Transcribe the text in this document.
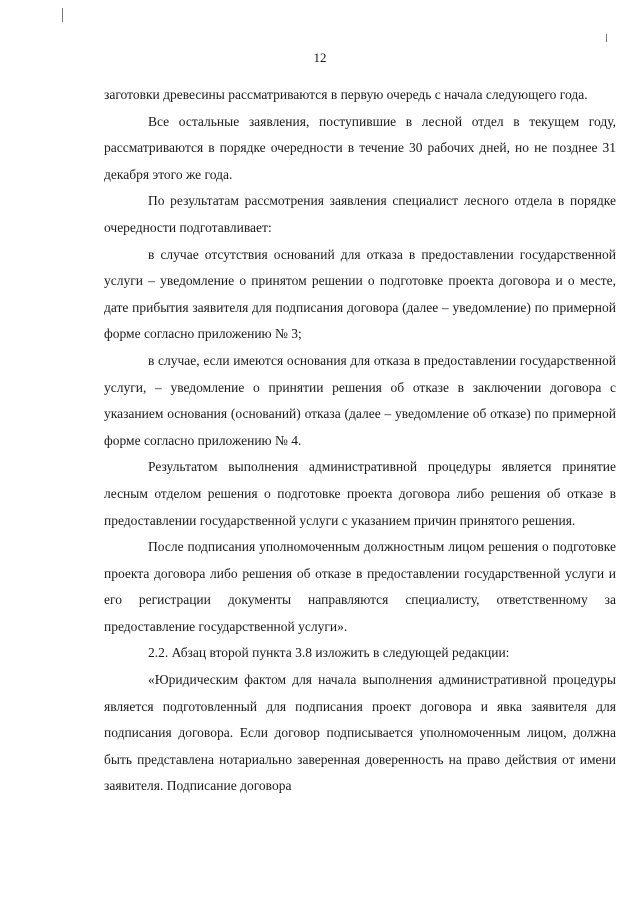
12

заготовки древесины рассматриваются в первую очередь с начала следующего года.

Все остальные заявления, поступившие в лесной отдел в текущем году, рассматриваются в порядке очередности в течение 30 рабочих дней, но не позднее 31 декабря этого же года.

По результатам рассмотрения заявления специалист лесного отдела в порядке очередности подготавливает:

в случае отсутствия оснований для отказа в предоставлении государственной услуги – уведомление о принятом решении о подготовке проекта договора и о месте, дате прибытия заявителя для подписания договора (далее – уведомление) по примерной форме согласно приложению № 3;

в случае, если имеются основания для отказа в предоставлении государственной услуги, – уведомление о принятии решения об отказе в заключении договора с указанием основания (оснований) отказа (далее – уведомление об отказе) по примерной форме согласно приложению № 4.

Результатом выполнения административной процедуры является принятие лесным отделом решения о подготовке проекта договора либо решения об отказе в предоставлении государственной услуги с указанием причин принятого решения.

После подписания уполномоченным должностным лицом решения о подготовке проекта договора либо решения об отказе в предоставлении государственной услуги и его регистрации документы направляются специалисту, ответственному за предоставление государственной услуги».

2.2. Абзац второй пункта 3.8 изложить в следующей редакции:

«Юридическим фактом для начала выполнения административной процедуры является подготовленный для подписания проект договора и явка заявителя для подписания договора. Если договор подписывается уполномоченным лицом, должна быть представлена нотариально заверенная доверенность на право действия от имени заявителя. Подписание договора
